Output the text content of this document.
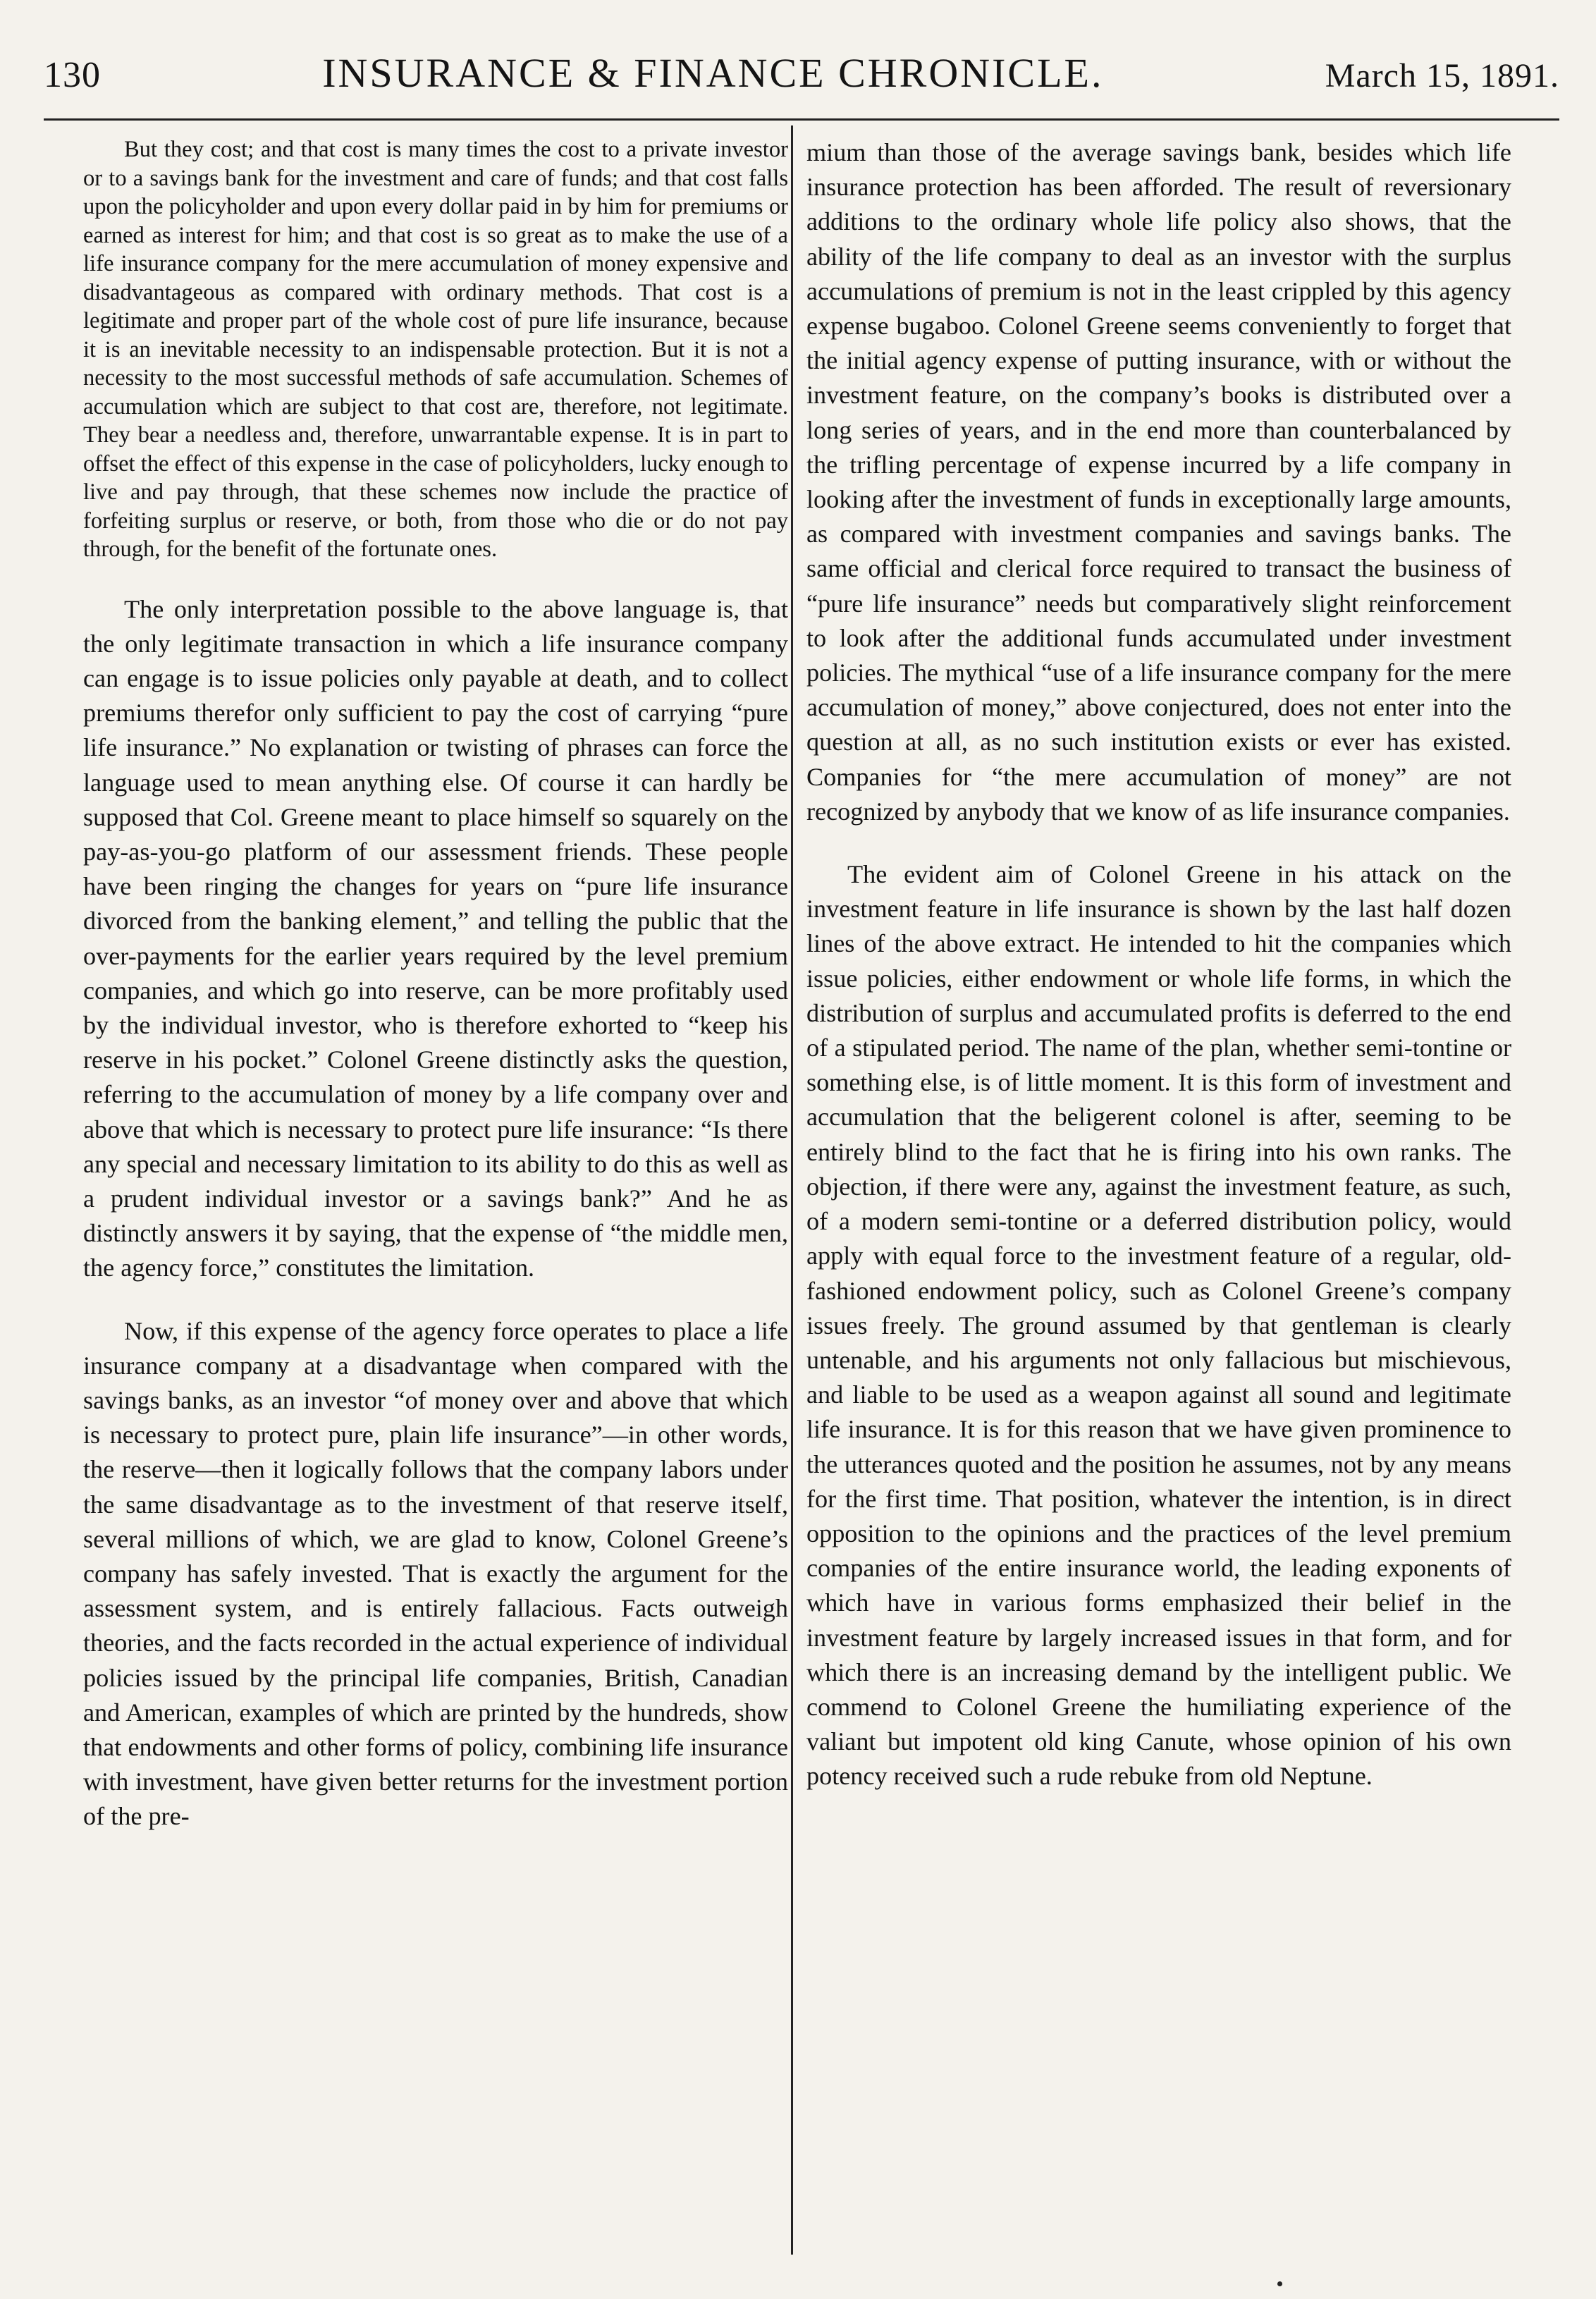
130	INSURANCE & FINANCE CHRONICLE.	March 15, 1891.

But they cost; and that cost is many times the cost to a private investor or to a savings bank for the investment and care of funds; and that cost falls upon the policyholder and upon every dollar paid in by him for premiums or earned as interest for him; and that cost is so great as to make the use of a life insurance company for the mere accumulation of money expensive and disadvantageous as compared with ordinary methods. That cost is a legitimate and proper part of the whole cost of pure life insurance, because it is an inevitable necessity to an indispensable protection. But it is not a necessity to the most successful methods of safe accumulation. Schemes of accumulation which are subject to that cost are, therefore, not legitimate. They bear a needless and, therefore, unwarrantable expense. It is in part to offset the effect of this expense in the case of policyholders, lucky enough to live and pay through, that these schemes now include the practice of forfeiting surplus or reserve, or both, from those who die or do not pay through, for the benefit of the fortunate ones.

The only interpretation possible to the above language is, that the only legitimate transaction in which a life insurance company can engage is to issue policies only payable at death, and to collect premiums therefor only sufficient to pay the cost of carrying “pure life insurance.” No explanation or twisting of phrases can force the language used to mean anything else. Of course it can hardly be supposed that Col. Greene meant to place himself so squarely on the pay-as-you-go platform of our assessment friends. These people have been ringing the changes for years on “pure life insurance divorced from the banking element,” and telling the public that the over-payments for the earlier years required by the level premium companies, and which go into reserve, can be more profitably used by the individual investor, who is therefore exhorted to “keep his reserve in his pocket.” Colonel Greene distinctly asks the question, referring to the accumulation of money by a life company over and above that which is necessary to protect pure life insurance: “Is there any special and necessary limitation to its ability to do this as well as a prudent individual investor or a savings bank?” And he as distinctly answers it by saying, that the expense of “the middle men, the agency force,” constitutes the limitation.

Now, if this expense of the agency force operates to place a life insurance company at a disadvantage when compared with the savings banks, as an investor “of money over and above that which is necessary to protect pure, plain life insurance”—in other words, the reserve—then it logically follows that the company labors under the same disadvantage as to the investment of that reserve itself, several millions of which, we are glad to know, Colonel Greene’s company has safely invested. That is exactly the argument for the assessment system, and is entirely fallacious. Facts outweigh theories, and the facts recorded in the actual experience of individual policies issued by the principal life companies, British, Canadian and American, examples of which are printed by the hundreds, show that endowments and other forms of policy, combining life insurance with investment, have given better returns for the investment portion of the pre-

mium than those of the average savings bank, besides which life insurance protection has been afforded. The result of reversionary additions to the ordinary whole life policy also shows, that the ability of the life company to deal as an investor with the surplus accumulations of premium is not in the least crippled by this agency expense bugaboo. Colonel Greene seems conveniently to forget that the initial agency expense of putting insurance, with or without the investment feature, on the company’s books is distributed over a long series of years, and in the end more than counterbalanced by the trifling percentage of expense incurred by a life company in looking after the investment of funds in exceptionally large amounts, as compared with investment companies and savings banks. The same official and clerical force required to transact the business of “pure life insurance” needs but comparatively slight reinforcement to look after the additional funds accumulated under investment policies. The mythical “use of a life insurance company for the mere accumulation of money,” above conjectured, does not enter into the question at all, as no such institution exists or ever has existed. Companies for “the mere accumulation of money” are not recognized by anybody that we know of as life insurance companies.

The evident aim of Colonel Greene in his attack on the investment feature in life insurance is shown by the last half dozen lines of the above extract. He intended to hit the companies which issue policies, either endowment or whole life forms, in which the distribution of surplus and accumulated profits is deferred to the end of a stipulated period. The name of the plan, whether semi-tontine or something else, is of little moment. It is this form of investment and accumulation that the beligerent colonel is after, seeming to be entirely blind to the fact that he is firing into his own ranks. The objection, if there were any, against the investment feature, as such, of a modern semi-tontine or a deferred distribution policy, would apply with equal force to the investment feature of a regular, old-fashioned endowment policy, such as Colonel Greene’s company issues freely. The ground assumed by that gentleman is clearly untenable, and his arguments not only fallacious but mischievous, and liable to be used as a weapon against all sound and legitimate life insurance. It is for this reason that we have given prominence to the utterances quoted and the position he assumes, not by any means for the first time. That position, whatever the intention, is in direct opposition to the opinions and the practices of the level premium companies of the entire insurance world, the leading exponents of which have in various forms emphasized their belief in the investment feature by largely increased issues in that form, and for which there is an increasing demand by the intelligent public. We commend to Colonel Greene the humiliating experience of the valiant but impotent old king Canute, whose opinion of his own potency received such a rude rebuke from old Neptune.
